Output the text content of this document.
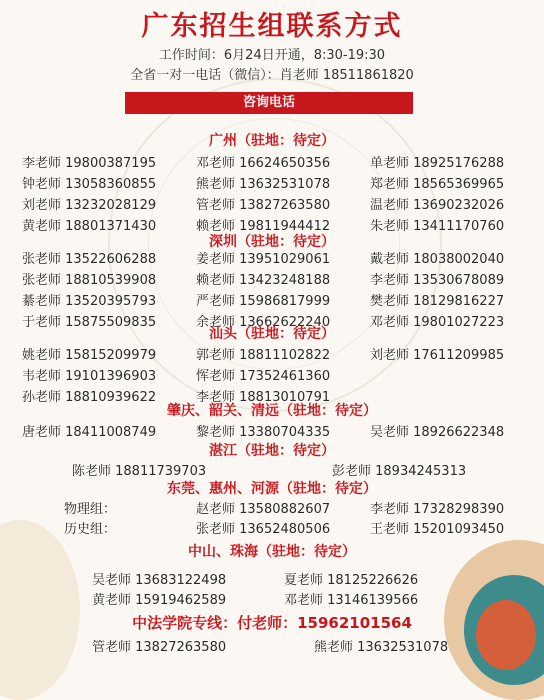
广东招生组联系方式
工作时间：6月24日开通，8:30-19:30
全省一对一电话（微信）：肖老师 18511861820
咨询电话
广州（驻地：待定）
李老师 19800387195	邓老师 16624650356	单老师 18925176288
钟老师 13058360855	熊老师 13632531078	郑老师 18565369965
刘老师 13232028129	管老师 13827263580	温老师 13690232026
黄老师 18801371430	赖老师 19811944412	朱老师 13411170760
深圳（驻地：待定）
张老师 13522606288	姜老师 13951029061	戴老师 18038002040
张老师 18810539908	赖老师 13423248188	李老师 13530678089
綦老师 13520395793	严老师 15986817999	樊老师 18129816227
于老师 15875509835	余老师 13662622240	邓老师 19801027223
汕头（驻地：待定）
姚老师 15815209979	郭老师 18811102822	刘老师 17611209985
韦老师 19101396903	恽老师 17352461360
孙老师 18810939622	李老师 18813010791
肇庆、韶关、清远（驻地：待定）
唐老师 18411008749	黎老师 13380704335	吴老师 18926622348
湛江（驻地：待定）
陈老师 18811739703	彭老师 18934245313
东莞、惠州、河源（驻地：待定）
物理组：	赵老师 13580882607	李老师 17328298390
历史组：	张老师 13652480506	王老师 15201093450
中山、珠海（驻地：待定）
吴老师 13683122498	夏老师 18125226626
黄老师 15919462589	邓老师 13146139566
中法学院专线：付老师：15962101564
管老师 13827263580	熊老师 13632531078
